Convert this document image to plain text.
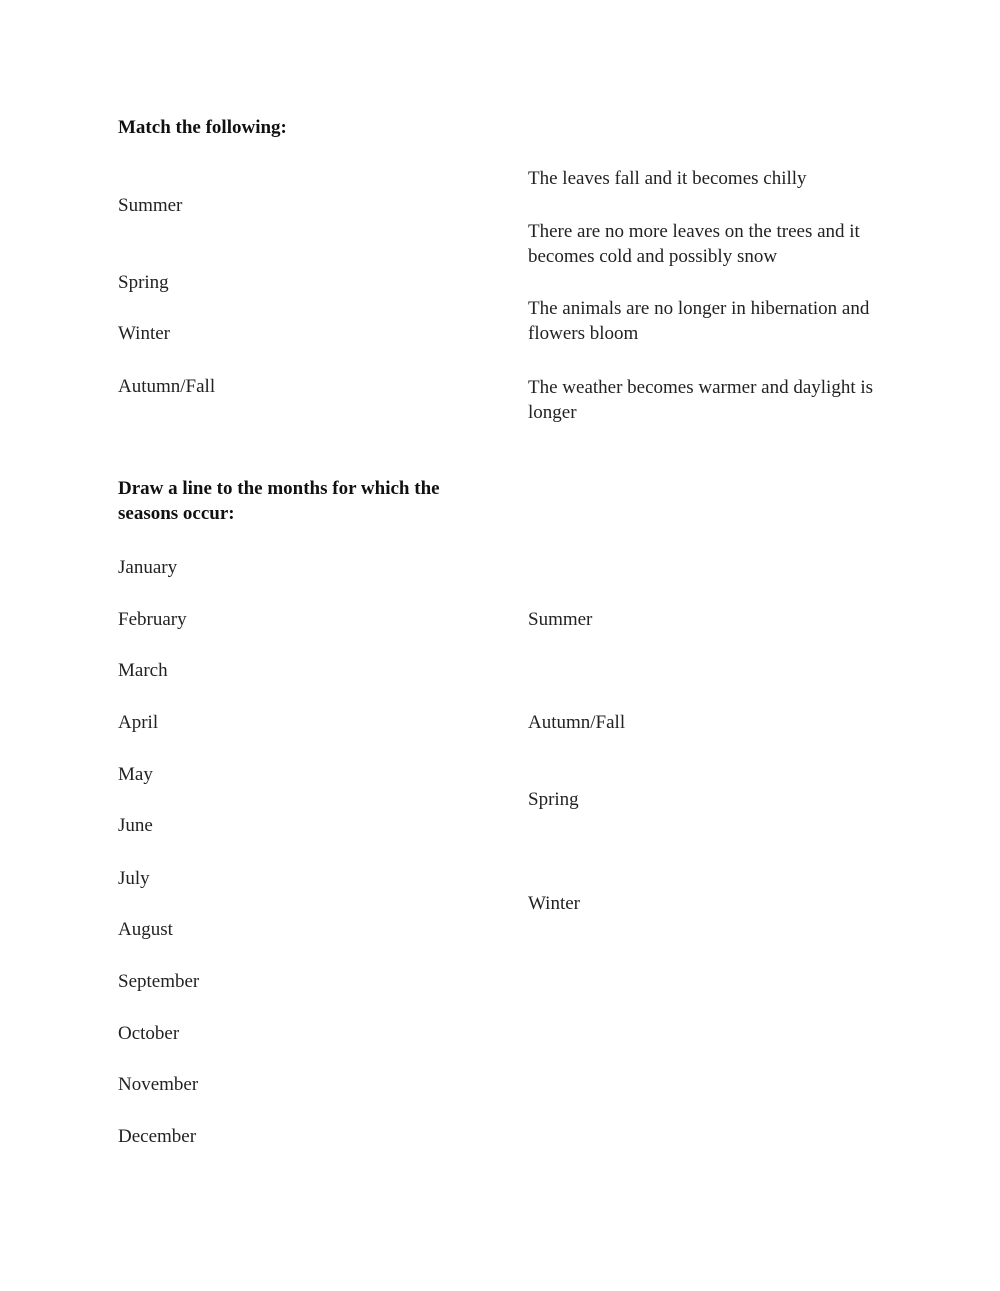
Match the following:
Summer
Spring
Winter
Autumn/Fall
The leaves fall and it becomes chilly
There are no more leaves on the trees and it becomes cold and possibly snow
The animals are no longer in hibernation and flowers bloom
The weather becomes warmer and daylight is longer
Draw a line to the months for which the seasons occur:
January
February
March
April
May
June
July
August
September
October
November
December
Summer
Autumn/Fall
Spring
Winter
